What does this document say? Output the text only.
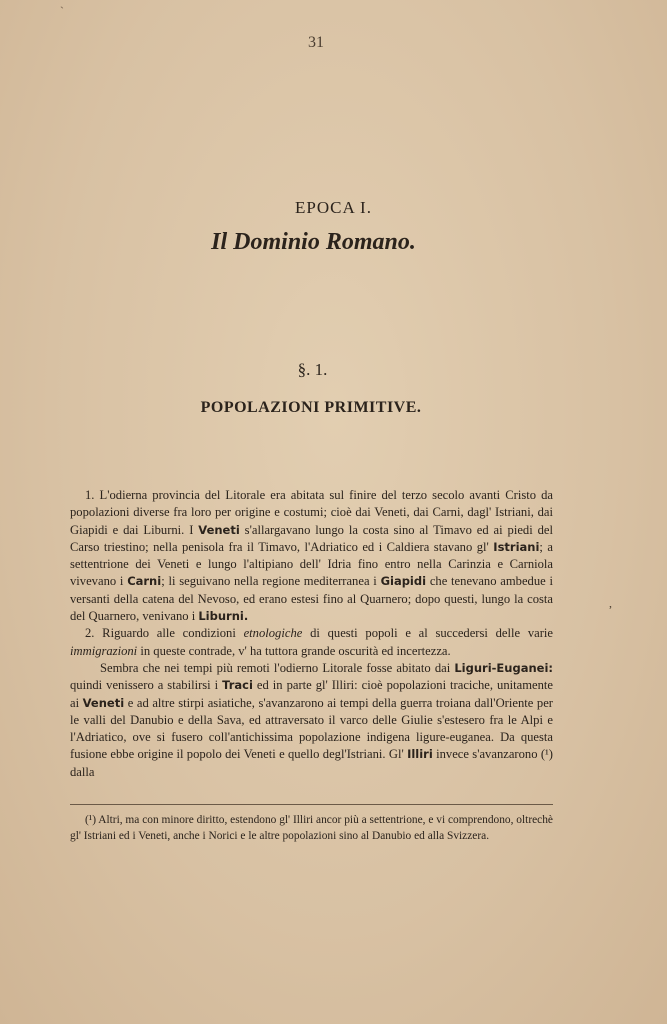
`
31
EPOCA I.
Il Dominio Romano.
§. 1.
POPOLAZIONI PRIMITIVE.

1. L'odierna provincia del Litorale era abitata sul finire del terzo secolo avanti Cristo da popolazioni diverse fra loro per origine e costumi; cioè dai Veneti, dai Carni, dagl' Istriani, dai Giapidi e dai Liburni. I Veneti s'allargavano lungo la costa sino al Timavo ed ai piedi del Carso triestino; nella penisola fra il Timavo, l'Adriatico ed i Caldiera stavano gl' Istriani; a settentrione dei Veneti e lungo l'altipiano dell' Idria fino entro nella Carinzia e Carniola vivevano i Carni; li seguivano nella regione mediterranea i Giapidi che tenevano ambedue i versanti della catena del Nevoso, ed erano estesi fino al Quarnero; dopo questi, lungo la costa del Quarnero, venivano i Liburni.

2. Riguardo alle condizioni etnologiche di questi popoli e al succedersi delle varie immigrazioni in queste contrade, v' ha tuttora grande oscurità ed incertezza.

Sembra che nei tempi più remoti l'odierno Litorale fosse abitato dai Liguri-Euganei: quindi venissero a stabilirsi i Traci ed in parte gl' Illiri: cioè popolazioni traciche, unitamente ai Veneti e ad altre stirpi asiatiche, s'avanzarono ai tempi della guerra troiana dall'Oriente per le valli del Danubio e della Sava, ed attraversato il varco delle Giulie s'estesero fra le Alpi e l'Adriatico, ove si fusero coll'antichissima popolazione indigena ligure-euganea. Da questa fusione ebbe origine il popolo dei Veneti e quello degl'Istriani. Gl' Illiri invece s'avanzarono (¹) dalla

(¹) Altri, ma con minore diritto, estendono gl' Illiri ancor più a settentrione, e vi comprendono, oltrechè gl' Istriani ed i Veneti, anche i Norici e le altre popolazioni sino al Danubio ed alla Svizzera.
,
